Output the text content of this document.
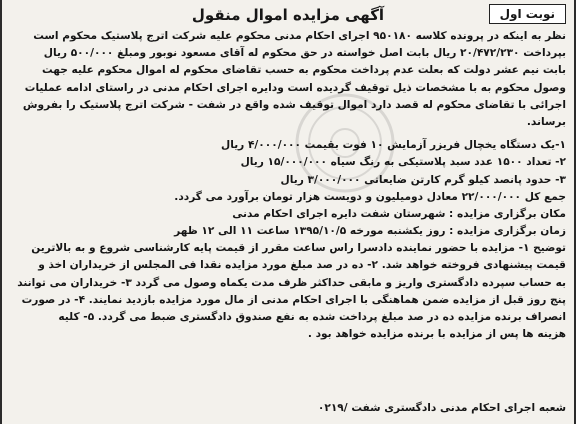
نوبت اول
آگهی مزایده اموال منقول
نظر به اینکه در پرونده کلاسه ۹۵۰۱۸۰ اجرای احکام مدنی محکوم علیه شرکت اترج پلاستیک محکوم است
بپرداخت ۲۰/۴۷۲/۲۳۰ ریال بابت اصل خواسته در حق محکوم له آقای مسعود نوبور ومبلغ ۵۰۰/۰۰۰ ریال
بابت نیم عشر دولت که بعلت عدم پرداخت محکوم به حسب تقاضای محکوم له اموال محکوم علیه جهت
وصول محکوم به با مشخصات ذیل توقیف گردیده است ودایره اجرای احکام مدنی در راستای ادامه عملیات
اجرائی با تقاضای محکوم له قصد دارد اموال توقیف شده واقع در شفت - شرکت اترج پلاستیک را بفروش
برساند.
۱-یک دستگاه یخچال فریزر آزمایش ۱۰ فوت بقیمت ۴/۰۰۰/۰۰۰ ریال
۲- تعداد ۱۵۰۰ عدد سبد پلاستیکی به رنگ سیاه ۱۵/۰۰۰/۰۰۰ ریال
۳- حدود پانصد کیلو گرم کارتن ضایعاتی ۳/۰۰۰/۰۰۰ ریال
جمع کل ۲۲/۰۰۰/۰۰۰ معادل دومیلیون و دویست هزار تومان برآورد می گردد.
مکان برگزاری مزایده : شهرستان شفت دایره اجرای احکام مدنی
زمان برگزاری مزایده : روز یکشنبه مورخه ۱۳۹۵/۱۰/۵ ساعت ۱۱ الی ۱۲ ظهر
توضیح ۱- مزایده با حضور نماینده دادسرا راس ساعت مقرر از قیمت پایه کارشناسی شروع و به بالاترین
قیمت پیشنهادی فروخته خواهد شد. ۲- ده در صد مبلغ مورد مزایده نقدا فی المجلس از خریداران اخذ و
به حساب سپرده دادگستری واریز و مابقی حداکثر ظرف مدت یکماه وصول می گردد ۳- خریداران می توانند
پنج روز قبل از مزایده ضمن هماهنگی با اجرای احکام مدنی از مال مورد مزایده بازدید نمایند. ۴- در صورت
انصراف برنده مزایده ده در صد مبلغ پرداخت شده به نفع صندوق دادگستری ضبط می گردد. ۵- کلیه
هزینه ها پس از مزایده با برنده مزایده خواهد بود .
شعبه اجرای احکام مدنی دادگستری شفت /۰۲۱۹
